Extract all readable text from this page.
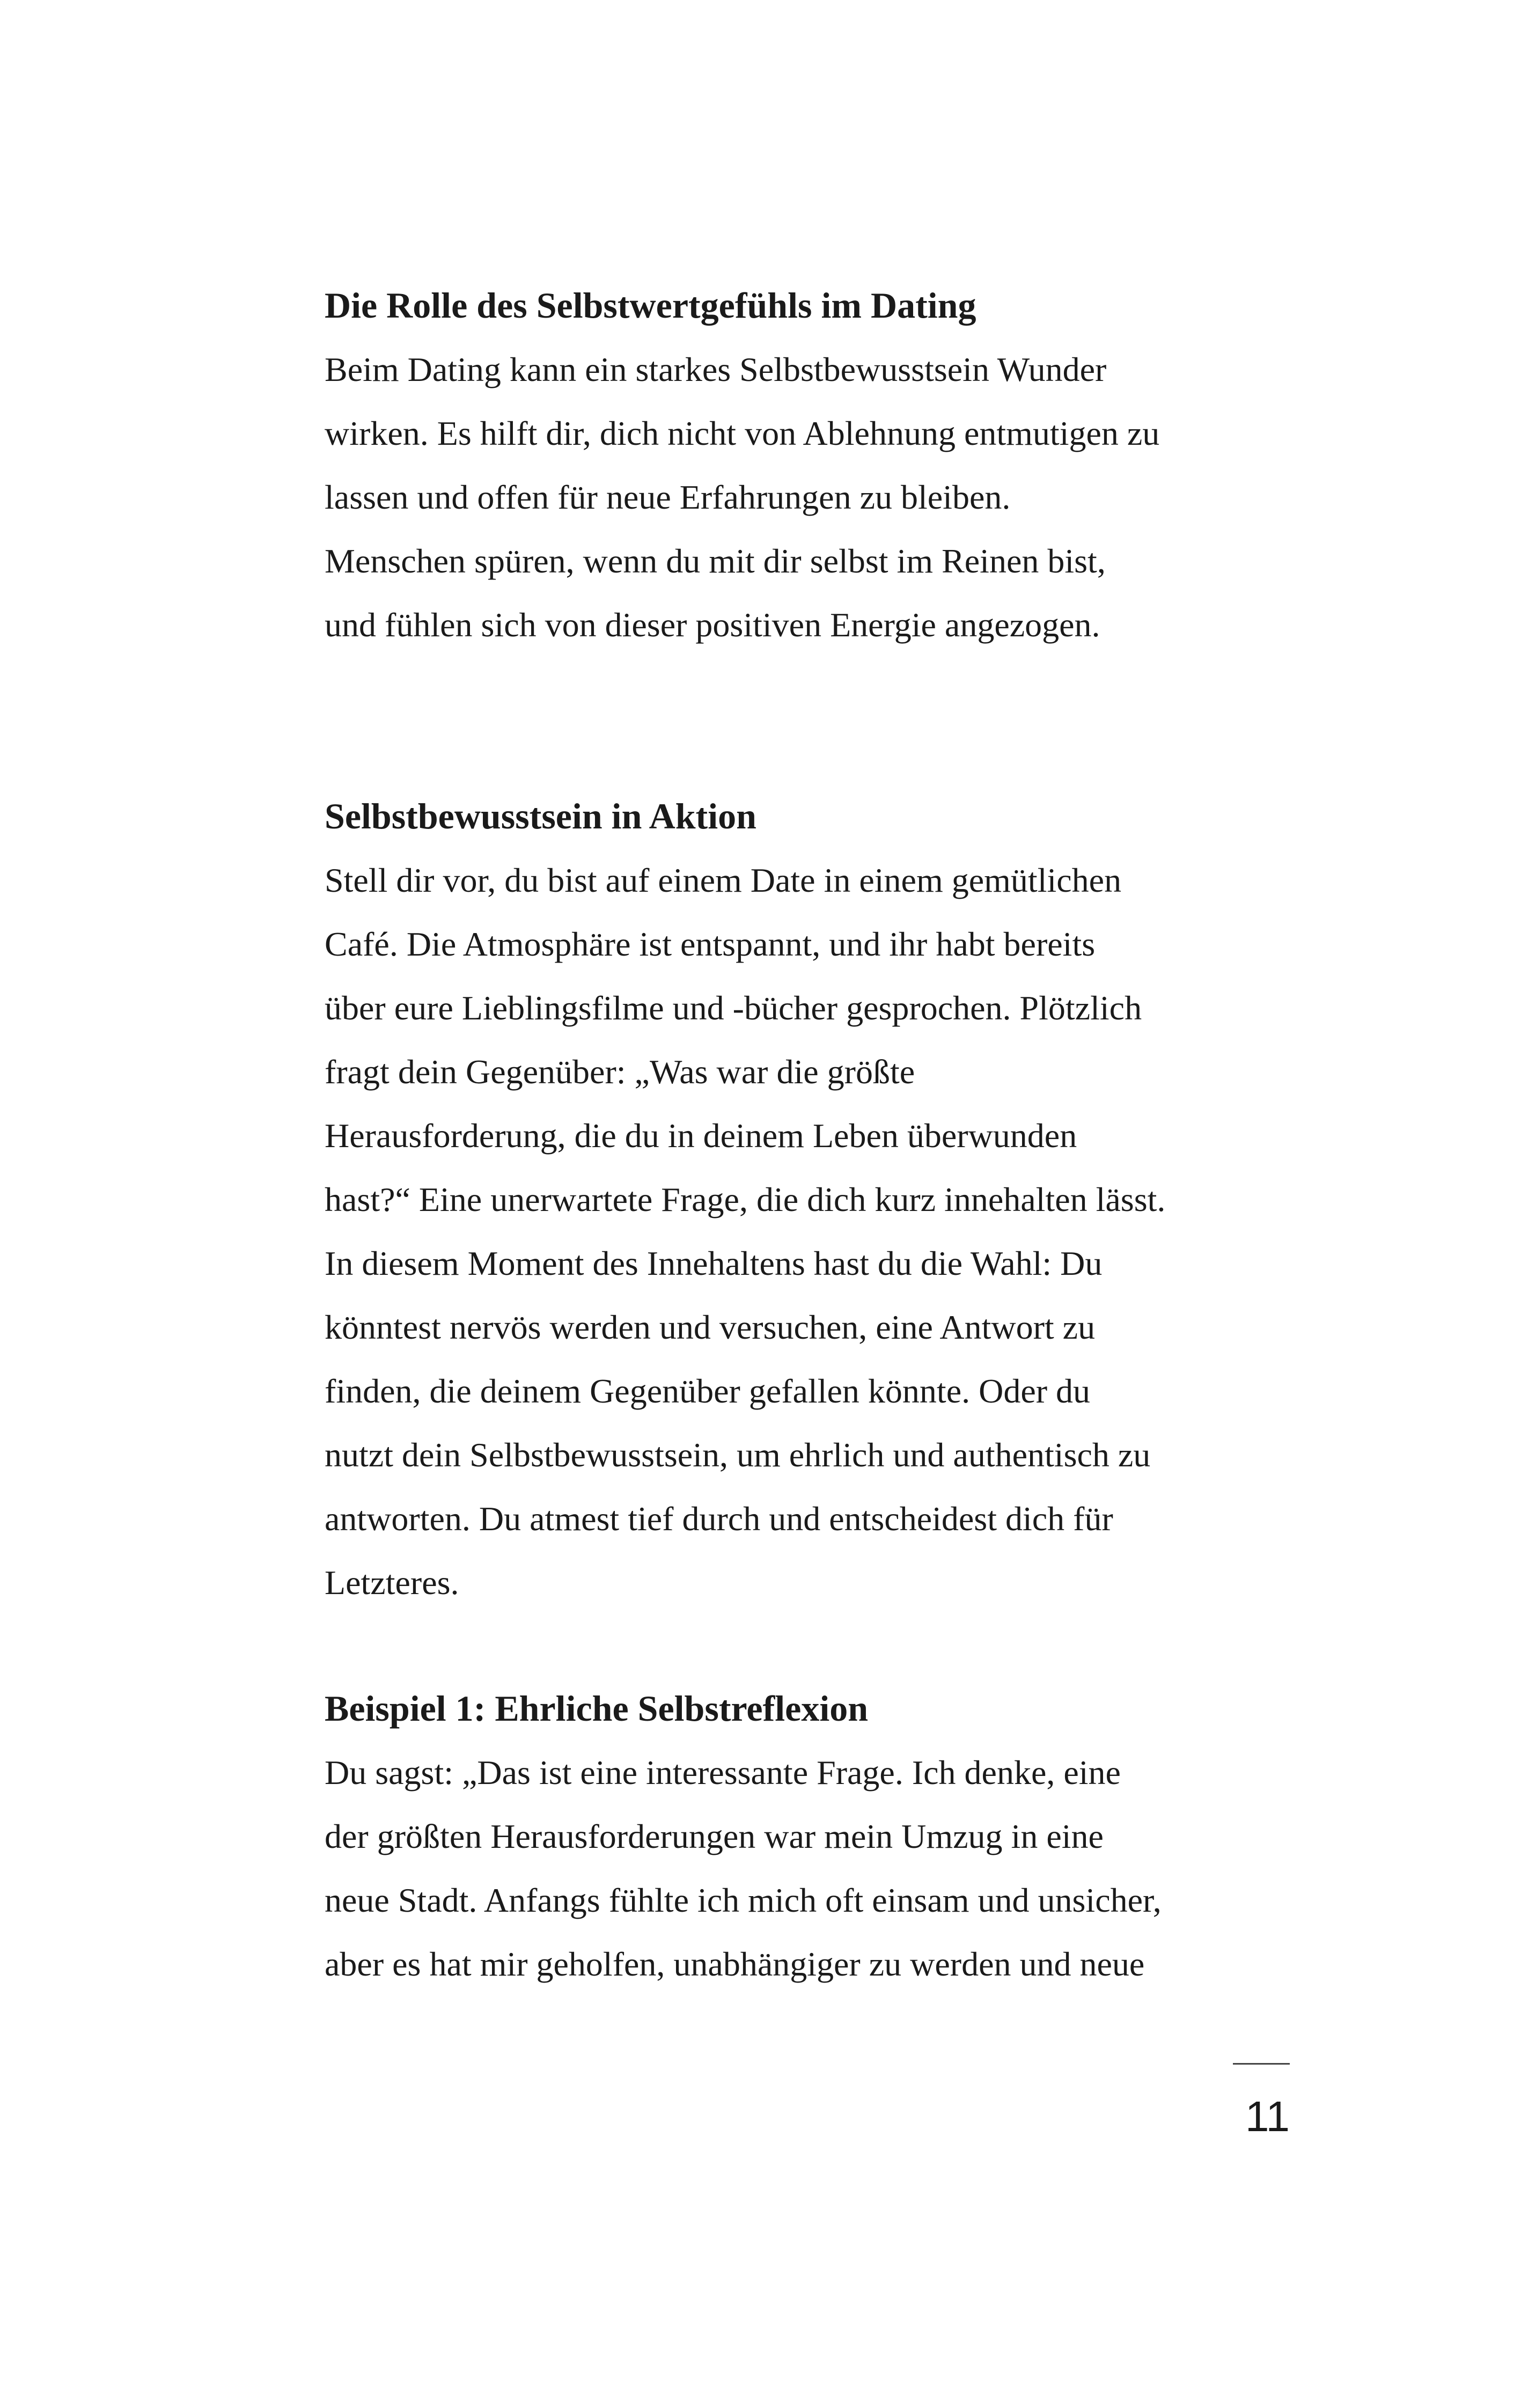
Die Rolle des Selbstwertgefühls im Dating
Beim Dating kann ein starkes Selbstbewusstsein Wunder
wirken. Es hilft dir, dich nicht von Ablehnung entmutigen zu
lassen und offen für neue Erfahrungen zu bleiben.
Menschen spüren, wenn du mit dir selbst im Reinen bist,
und fühlen sich von dieser positiven Energie angezogen.
Selbstbewusstsein in Aktion
Stell dir vor, du bist auf einem Date in einem gemütlichen
Café. Die Atmosphäre ist entspannt, und ihr habt bereits
über eure Lieblingsfilme und -bücher gesprochen. Plötzlich
fragt dein Gegenüber: „Was war die größte
Herausforderung, die du in deinem Leben überwunden
hast?“ Eine unerwartete Frage, die dich kurz innehalten lässt.
In diesem Moment des Innehaltens hast du die Wahl: Du
könntest nervös werden und versuchen, eine Antwort zu
finden, die deinem Gegenüber gefallen könnte. Oder du
nutzt dein Selbstbewusstsein, um ehrlich und authentisch zu
antworten. Du atmest tief durch und entscheidest dich für
Letzteres.
Beispiel 1: Ehrliche Selbstreflexion
Du sagst: „Das ist eine interessante Frage. Ich denke, eine
der größten Herausforderungen war mein Umzug in eine
neue Stadt. Anfangs fühlte ich mich oft einsam und unsicher,
aber es hat mir geholfen, unabhängiger zu werden und neue
11
